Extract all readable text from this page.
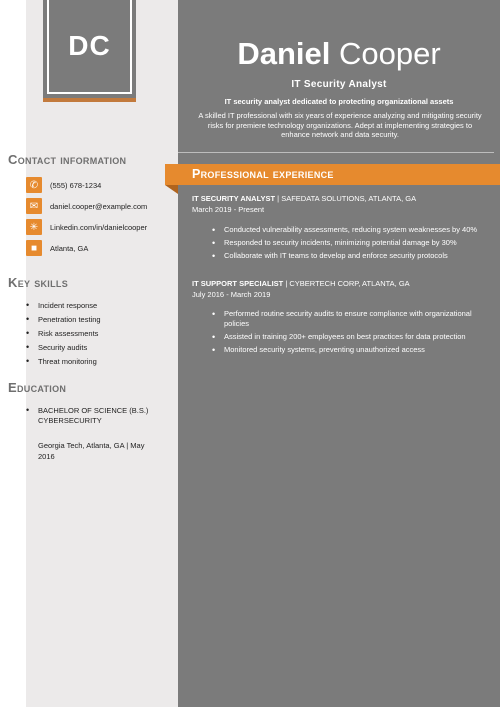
DC	Daniel Cooper
IT Security Analyst
IT security analyst dedicated to protecting organizational assets
A skilled IT professional with six years of experience analyzing and mitigating security risks for premiere technology organizations. Adept at implementing strategies to enhance network and data security.
Contact information
✆	(555) 678-1234
✉	daniel.cooper@example.com
✳	Linkedin.com/in/danielcooper
■	Atlanta, GA
Key skills
• Incident response
• Penetration testing
• Risk assessments
• Security audits
• Threat monitoring
Education
• BACHELOR OF SCIENCE (B.S.) CYBERSECURITY
Georgia Tech, Atlanta, GA | May 2016
Professional experience
IT SECURITY ANALYST | SAFEDATA SOLUTIONS, ATLANTA, GA
March 2019 - Present
• Conducted vulnerability assessments, reducing system weaknesses by 40%
• Responded to security incidents, minimizing potential damage by 30%
• Collaborate with IT teams to develop and enforce security protocols
IT SUPPORT SPECIALIST | CYBERTECH CORP, ATLANTA, GA
July 2016 - March 2019
• Performed routine security audits to ensure compliance with organizational policies
• Assisted in training 200+ employees on best practices for data protection
• Monitored security systems, preventing unauthorized access
